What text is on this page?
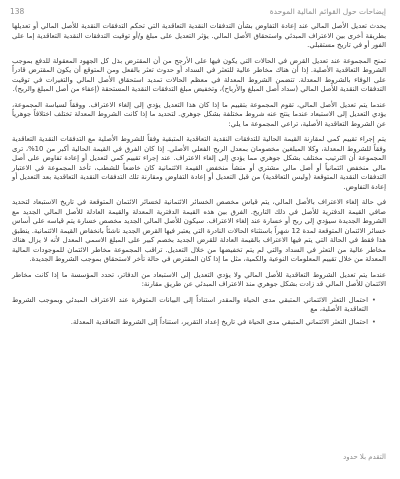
إيضاحات حول القوائم المالية الموحدة
138

يحدث تعديل الأصل المالي عند إعادة التفاوض بشأن التدفقات النقدية التعاقدية التي تحكم التدفقات النقدية للأصل المالي أو تعديلها بطريقة أخرى بين الاعتراف المبدئي واستحقاق الأصل المالي. يؤثر التعديل على مبلغ و/أو توقيت التدفقات النقدية التعاقدية إما على الفور أو في تاريخ مستقبلي.

تمنح المجموعة عند تعديل القرض في الحالات التي يكون فيها على الأرجح من أن المقترض بذل كل الجهود المعقولة للدفع بموجب الشروط التعاقدية الأصلية. إذا أن هناك مخاطر عالية للتعثر في السداد أو حدوث تعثر بالفعل ومن المتوقع أن يكون المقترض قادراً على الوفاء بالشروط المعدلة. تتضمن الشروط المعدلة في معظم الحالات تمديد استحقاق الأصل المالي والتغيرات في توقيت التدفقات النقدية للأصل المالي (سداد أصل المبلغ والأرباح)، وتخفيض مبلغ التدفقات النقدية المستحقة (إعفاء من أصل المبلغ والربح).

عندما يتم تعديل الأصل المالي، تقوم المجموعة بتقييم ما إذا كان هذا التعديل يؤدي إلى إلغاء الاعتراف. ووفقاً لسياسة المجموعة، يؤدي التعديل إلى الاستبعاد عندما ينتج عنه شروط مختلفة بشكل جوهري. لتحديد ما إذا كانت الشروط المعدلة تختلف اختلافاً جوهرياً عن الشروط التعاقدية الأصلية، تراعي المجموعة ما يلي:

يتم إجراء تقييم كمي لمقارنة القيمة الحالية للتدفقات النقدية التعاقدية المتبقية وفقاً للشروط الأصلية مع التدفقات النقدية التعاقدية وفقاً للشروط المعدلة، وكلا المبلغين مخصومان بمعدل الربح الفعلي الأصلي. إذا كان الفرق في القيمة الحالية أكبر من 10%، ترى المجموعة أن الترتيب مختلف بشكل جوهري مما يؤدي إلى إلغاء الاعتراف. عند إجراء تقييم كمي لتعديل أو إعادة تفاوض على أصل مالي منخفض ائتمانياً أو أصل مالي مشتري أو منشأ منخفض القيمة الائتمانية كان خاضعاً للشطب، تأخذ المجموعة في الاعتبار التدفقات النقدية المتوقعة (وليس التعاقدية) من قبل التعديل أو إعادة التفاوض ومقارنة تلك التدفقات النقدية التعاقدية بعد التعديل أو إعادة التفاوض.

في حالة إلغاء الاعتراف بالأصل المالي، يتم قياس مخصص الخسائر الائتمانية لخسائر الائتمان المتوقعة في تاريخ الاستبعاد لتحديد صافي القيمة الدفترية للأصل في ذلك التاريخ. الفرق بين هذه القيمة الدفترية المعدلة والقيمة العادلة للأصل المالي الجديد مع الشروط الجديدة سيؤدي إلى ربح أو خسارة عند إلغاء الاعتراف. سيكون للأصل المالي الجديد مخصص خسارة يتم قياسه على أساس خسائر الائتمان المتوقعة لمدة 12 شهراً باستثناء الحالات النادرة التي يعتبر فيها القرض الجديد ناشئاً بانخفاض القيمة الائتمانية. ينطبق هذا فقط في الحالة التي يتم فيها الاعتراف بالقيمة العادلة للقرض الجديد بخصم كبير على المبلغ الاسمي المعدل لأنه لا يزال هناك مخاطر عالية من التعثر في السداد والتي لم يتم تخفيضها من خلال التعديل. تراقب المجموعة مخاطر الائتمان للموجودات المالية المعدلة من خلال تقييم المعلومات النوعية والكمية، مثل ما إذا كان المقترض في حالة تأخر لاستحقاق بموجب الشروط الجديدة.

عندما يتم تعديل الشروط التعاقدية للأصل المالي ولا يؤدي التعديل إلى الاستبعاد من الدفاتر، تحدد المؤسسة ما إذا كانت مخاطر الائتمان للأصل المالي قد زادت بشكل جوهري منذ الاعتراف المبدئي عن طريق مقارنة:

• احتمال التعثر الائتماني المتبقي مدى الحياة والمقدر استناداً إلى البيانات المتوفرة عند الاعتراف المبدئي وبموجب الشروط التعاقدية الأصلية، مع
• احتمال التعثر الائتماني المتبقي مدى الحياة في تاريخ إعداد التقرير، استناداً إلى الشروط التعاقدية المعدلة.
التقدم بلا حدود
